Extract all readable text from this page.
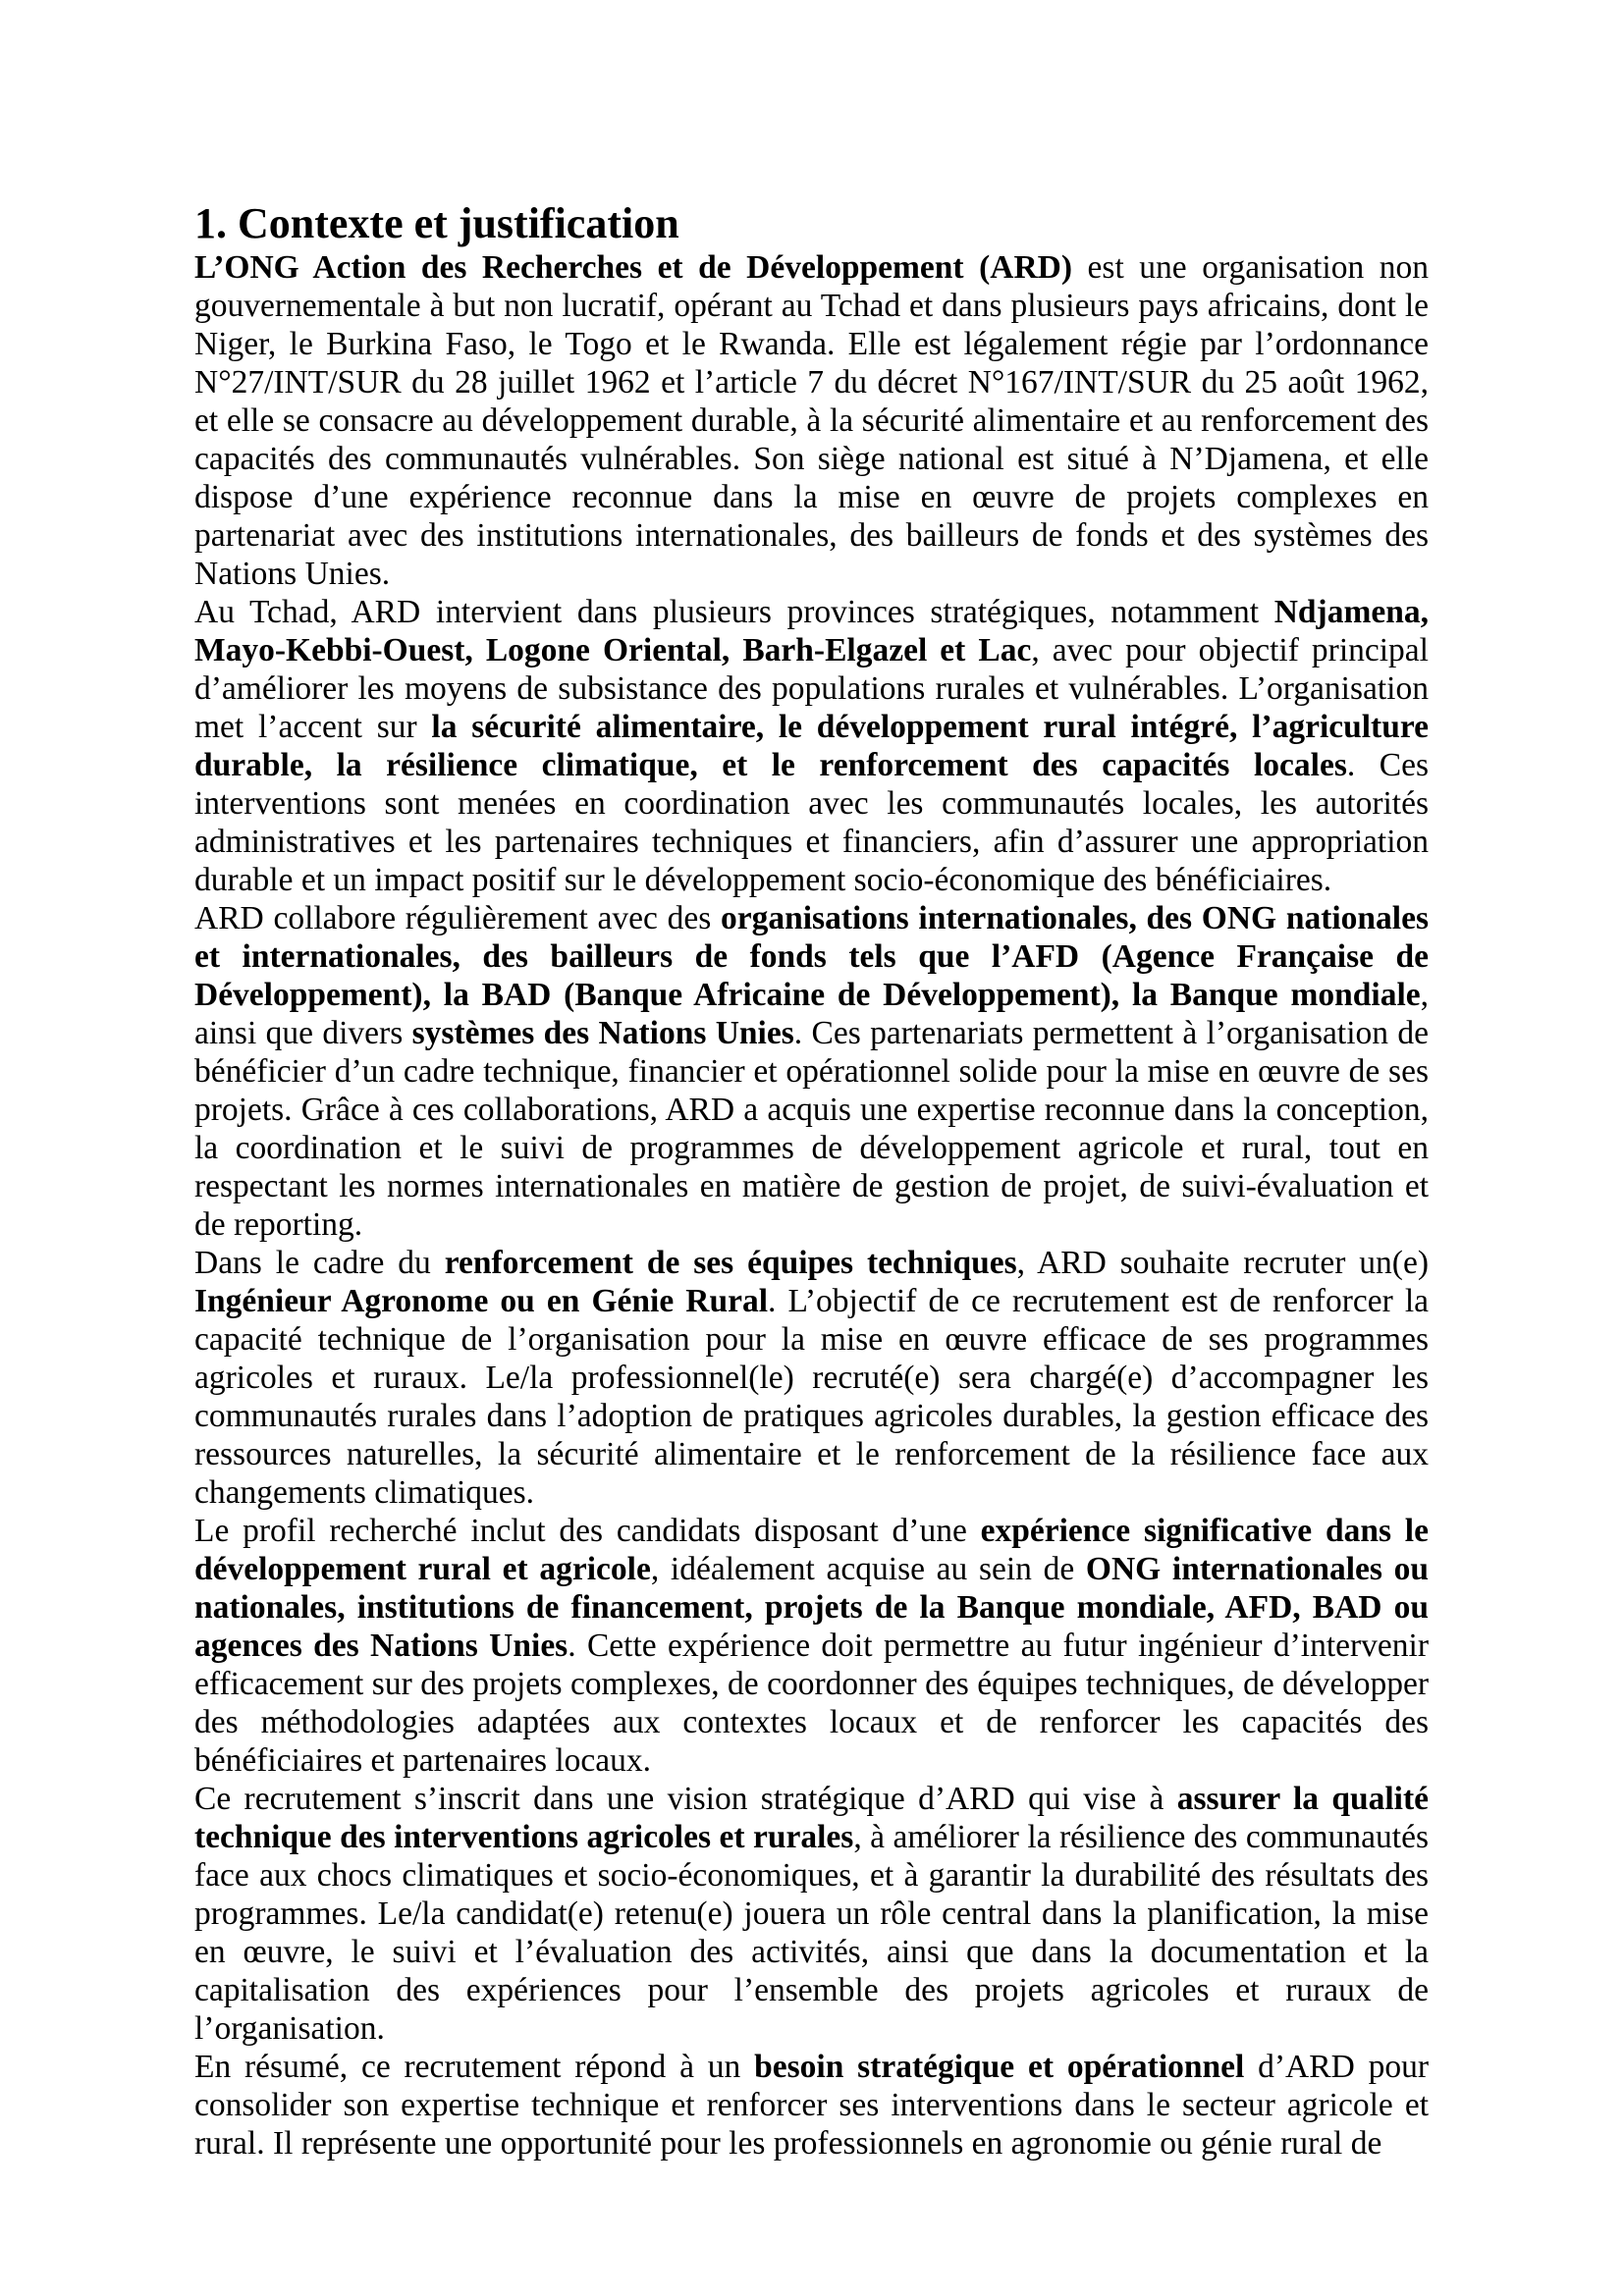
1. Contexte et justification

L’ONG Action des Recherches et de Développement (ARD) est une organisation non gouvernementale à but non lucratif, opérant au Tchad et dans plusieurs pays africains, dont le Niger, le Burkina Faso, le Togo et le Rwanda. Elle est légalement régie par l’ordonnance N°27/INT/SUR du 28 juillet 1962 et l’article 7 du décret N°167/INT/SUR du 25 août 1962, et elle se consacre au développement durable, à la sécurité alimentaire et au renforcement des capacités des communautés vulnérables. Son siège national est situé à N’Djamena, et elle dispose d’une expérience reconnue dans la mise en œuvre de projets complexes en partenariat avec des institutions internationales, des bailleurs de fonds et des systèmes des Nations Unies.

Au Tchad, ARD intervient dans plusieurs provinces stratégiques, notamment Ndjamena, Mayo-Kebbi-Ouest, Logone Oriental, Barh-Elgazel et Lac, avec pour objectif principal d’améliorer les moyens de subsistance des populations rurales et vulnérables. L’organisation met l’accent sur la sécurité alimentaire, le développement rural intégré, l’agriculture durable, la résilience climatique, et le renforcement des capacités locales. Ces interventions sont menées en coordination avec les communautés locales, les autorités administratives et les partenaires techniques et financiers, afin d’assurer une appropriation durable et un impact positif sur le développement socio-économique des bénéficiaires.

ARD collabore régulièrement avec des organisations internationales, des ONG nationales et internationales, des bailleurs de fonds tels que l’AFD (Agence Française de Développement), la BAD (Banque Africaine de Développement), la Banque mondiale, ainsi que divers systèmes des Nations Unies. Ces partenariats permettent à l’organisation de bénéficier d’un cadre technique, financier et opérationnel solide pour la mise en œuvre de ses projets. Grâce à ces collaborations, ARD a acquis une expertise reconnue dans la conception, la coordination et le suivi de programmes de développement agricole et rural, tout en respectant les normes internationales en matière de gestion de projet, de suivi-évaluation et de reporting.

Dans le cadre du renforcement de ses équipes techniques, ARD souhaite recruter un(e) Ingénieur Agronome ou en Génie Rural. L’objectif de ce recrutement est de renforcer la capacité technique de l’organisation pour la mise en œuvre efficace de ses programmes agricoles et ruraux. Le/la professionnel(le) recruté(e) sera chargé(e) d’accompagner les communautés rurales dans l’adoption de pratiques agricoles durables, la gestion efficace des ressources naturelles, la sécurité alimentaire et le renforcement de la résilience face aux changements climatiques.

Le profil recherché inclut des candidats disposant d’une expérience significative dans le développement rural et agricole, idéalement acquise au sein de ONG internationales ou nationales, institutions de financement, projets de la Banque mondiale, AFD, BAD ou agences des Nations Unies. Cette expérience doit permettre au futur ingénieur d’intervenir efficacement sur des projets complexes, de coordonner des équipes techniques, de développer des méthodologies adaptées aux contextes locaux et de renforcer les capacités des bénéficiaires et partenaires locaux.

Ce recrutement s’inscrit dans une vision stratégique d’ARD qui vise à assurer la qualité technique des interventions agricoles et rurales, à améliorer la résilience des communautés face aux chocs climatiques et socio-économiques, et à garantir la durabilité des résultats des programmes. Le/la candidat(e) retenu(e) jouera un rôle central dans la planification, la mise en œuvre, le suivi et l’évaluation des activités, ainsi que dans la documentation et la capitalisation des expériences pour l’ensemble des projets agricoles et ruraux de l’organisation.

En résumé, ce recrutement répond à un besoin stratégique et opérationnel d’ARD pour consolider son expertise technique et renforcer ses interventions dans le secteur agricole et rural. Il représente une opportunité pour les professionnels en agronomie ou génie rural de
